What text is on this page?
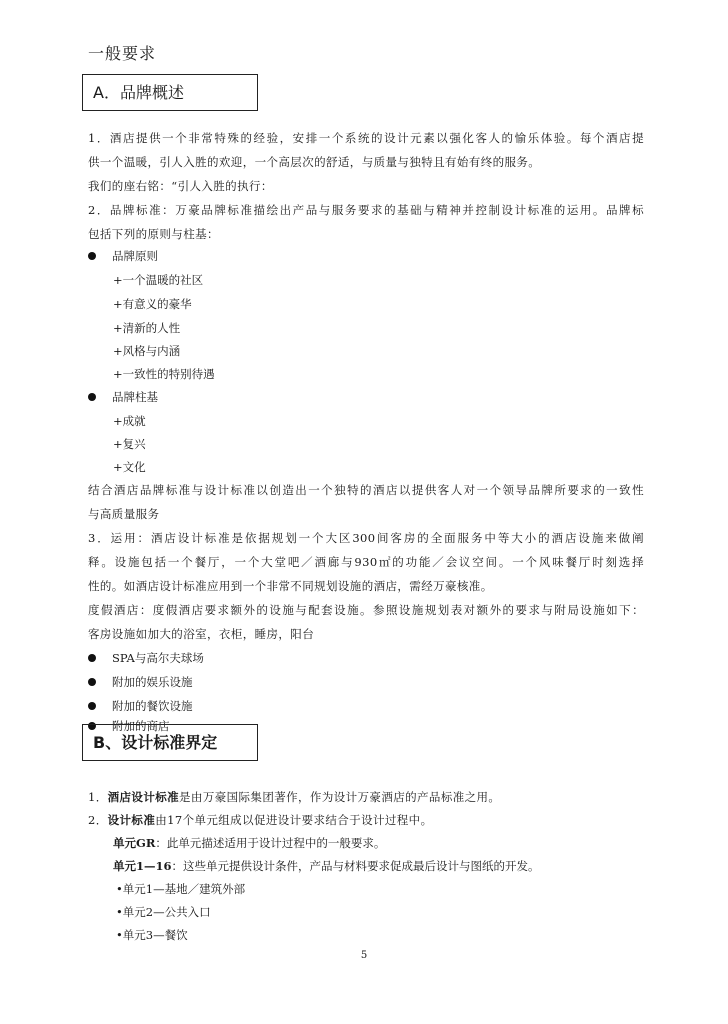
一般要求
A．品牌概述
1．酒店提供一个非常特殊的经验，安排一个系统的设计元素以强化客人的愉乐体验。每个酒店提
供一个温暖，引人入胜的欢迎，一个高层次的舒适，与质量与独特且有始有终的服务。
我们的座右铭：“引人入胜的执行：
2．品牌标准：万豪品牌标准描绘出产品与服务要求的基础与精神并控制设计标准的运用。品牌标
包括下列的原则与柱基：
品牌原则
+一个温暖的社区
+有意义的豪华
+清新的人性
+风格与内涵
+一致性的特别待遇
品牌柱基
+成就
+复兴
+文化
结合酒店品牌标准与设计标准以创造出一个独特的酒店以提供客人对一个领导品牌所要求的一致性
与高质量服务
3．运用：酒店设计标准是依据规划一个大区300间客房的全面服务中等大小的酒店设施来做阐
释。设施包括一个餐厅，一个大堂吧／酒廊与930㎡的功能／会议空间。一个风味餐厅时刻选择
性的。如酒店设计标准应用到一个非常不同规划设施的酒店，需经万豪核准。
度假酒店：度假酒店要求额外的设施与配套设施。参照设施规划表对额外的要求与附局设施如下：
客房设施如加大的浴室，衣柜，睡房，阳台
SPA与高尔夫球场
附加的娱乐设施
附加的餐饮设施
附加的商店
B、设计标准界定
1．酒店设计标准是由万豪国际集团著作，作为设计万豪酒店的产品标准之用。
2．设计标准由17个单元组成以促进设计要求结合于设计过程中。
单元GR：此单元描述适用于设计过程中的一般要求。
单元1—16：这些单元提供设计条件，产品与材料要求促成最后设计与图纸的开发。
•单元1—基地／建筑外部
•单元2—公共入口
•单元3—餐饮
5
